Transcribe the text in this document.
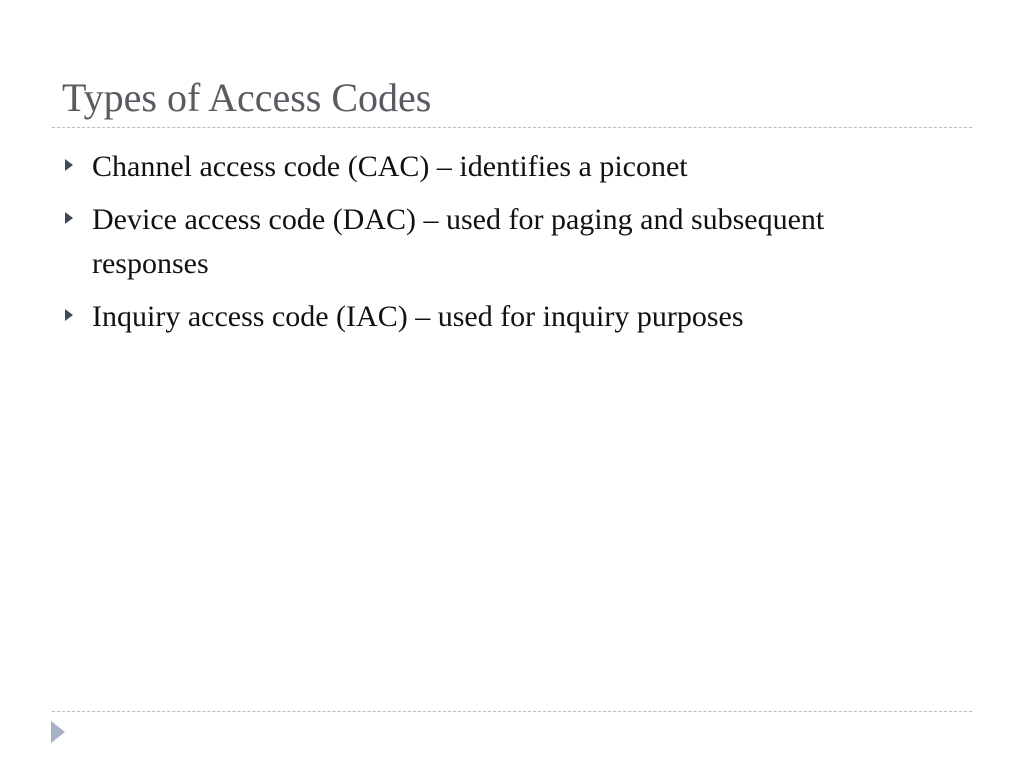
Types of Access Codes
Channel access code (CAC) – identifies a piconet
Device access code (DAC) – used for paging and subsequent responses
Inquiry access code (IAC) – used for inquiry purposes
